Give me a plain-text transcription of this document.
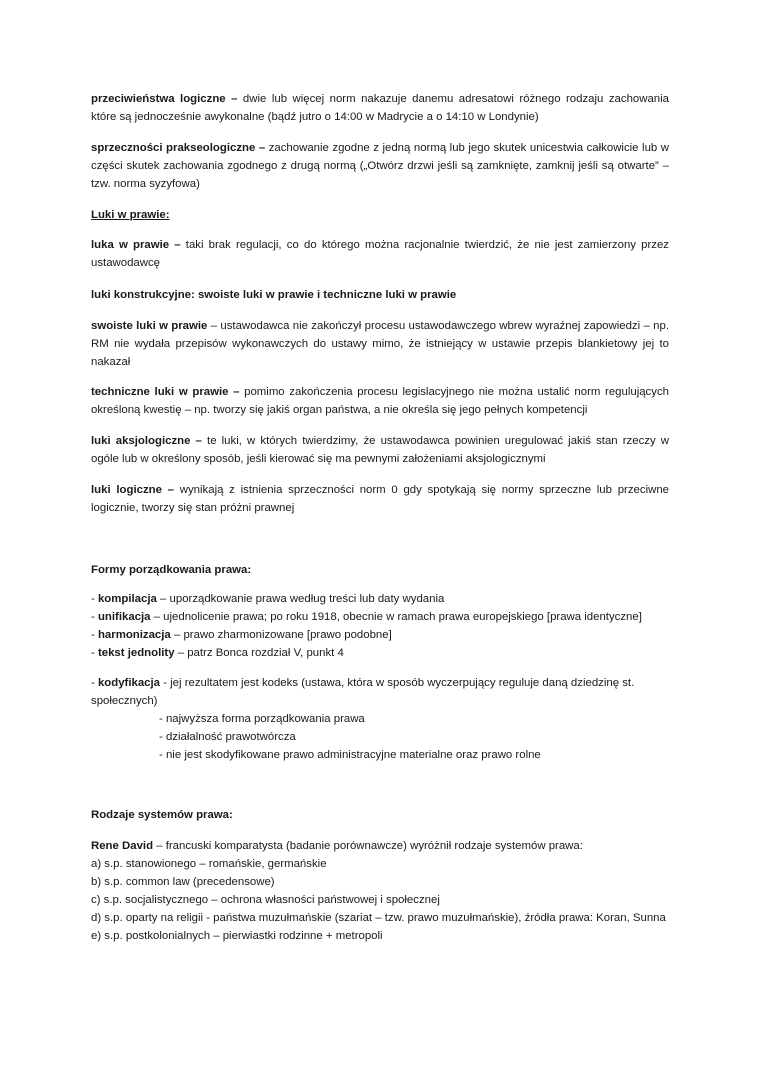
przeciwieństwa logiczne – dwie lub więcej norm nakazuje danemu adresatowi różnego rodzaju zachowania które są jednocześnie awykonalne (bądź jutro o 14:00 w Madrycie a o 14:10 w Londynie)

sprzeczności prakseologiczne – zachowanie zgodne z jedną normą lub jego skutek unicestwia całkowicie lub w części skutek zachowania zgodnego z drugą normą („Otwórz drzwi jeśli są zamknięte, zamknij jeśli są otwarte” – tzw. norma syzyfowa)

Luki w prawie:

luka w prawie – taki brak regulacji, co do którego można racjonalnie twierdzić, że nie jest zamierzony przez ustawodawcę

luki konstrukcyjne: swoiste luki w prawie i techniczne luki w prawie

swoiste luki w prawie – ustawodawca nie zakończył procesu ustawodawczego wbrew wyraźnej zapowiedzi – np. RM nie wydała przepisów wykonawczych do ustawy mimo, że istniejący w ustawie przepis blankietowy jej to nakazał

techniczne luki w prawie – pomimo zakończenia procesu legislacyjnego nie można ustalić norm regulujących określoną kwestię – np. tworzy się jakiś organ państwa, a nie określa się jego pełnych kompetencji

luki aksjologiczne – te luki, w których twierdzimy, że ustawodawca powinien uregulować jakiś stan rzeczy w ogóle lub w określony sposób, jeśli kierować się ma pewnymi założeniami aksjologicznymi

luki logiczne – wynikają z istnienia sprzeczności norm 0 gdy spotykają się normy sprzeczne lub przeciwne logicznie, tworzy się stan próżni prawnej

Formy porządkowania prawa:

- kompilacja – uporządkowanie prawa według treści lub daty wydania
- unifikacja – ujednolicenie prawa; po roku 1918, obecnie w ramach prawa europejskiego [prawa identyczne]
- harmonizacja – prawo zharmonizowane [prawo podobne]
- tekst jednolity – patrz Bonca rozdział V, punkt 4

- kodyfikacja - jej rezultatem jest kodeks (ustawa, która w sposób wyczerpujący reguluje daną dziedzinę st. społecznych)

- najwyższa forma porządkowania prawa
- działalność prawotwórcza
- nie jest skodyfikowane prawo administracyjne materialne oraz prawo rolne

Rodzaje systemów prawa:

Rene David – francuski komparatysta (badanie porównawcze) wyróżnił rodzaje systemów prawa:

a) s.p. stanowionego – romańskie, germańskie
b) s.p. common law (precedensowe)
c) s.p. socjalistycznego – ochrona własności państwowej i społecznej
d) s.p. oparty na religii - państwa muzułmańskie (szariat – tzw. prawo muzułmańskie), źródła prawa: Koran, Sunna
e) s.p. postkolonialnych – pierwiastki rodzinne + metropoli
